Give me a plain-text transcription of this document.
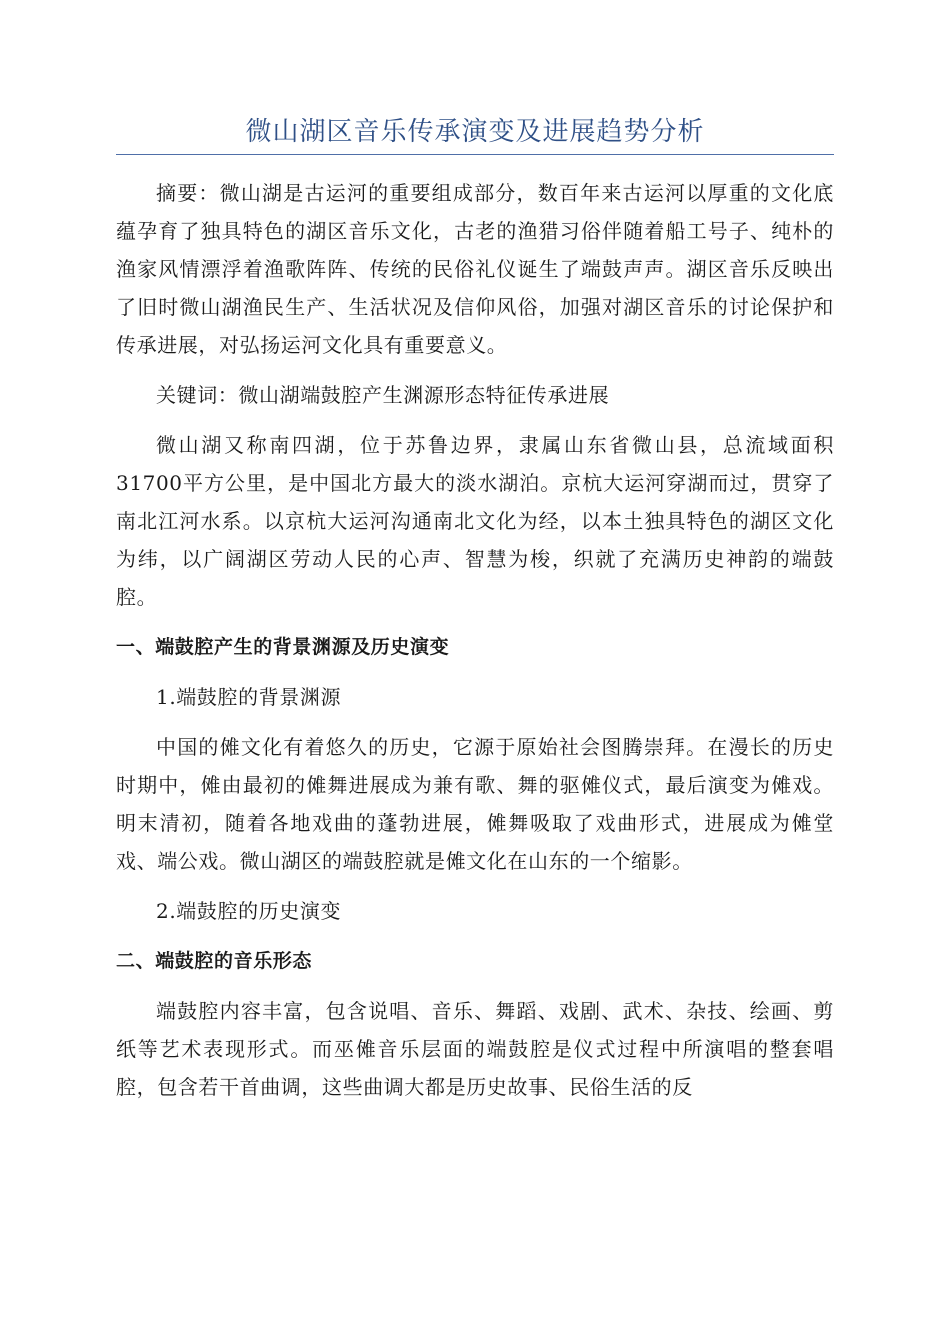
微山湖区音乐传承演变及进展趋势分析

摘要：微山湖是古运河的重要组成部分，数百年来古运河以厚重的文化底蕴孕育了独具特色的湖区音乐文化，古老的渔猎习俗伴随着船工号子、纯朴的渔家风情漂浮着渔歌阵阵、传统的民俗礼仪诞生了端鼓声声。湖区音乐反映出了旧时微山湖渔民生产、生活状况及信仰风俗，加强对湖区音乐的讨论保护和传承进展，对弘扬运河文化具有重要意义。

关键词：微山湖端鼓腔产生渊源形态特征传承进展

微山湖又称南四湖，位于苏鲁边界，隶属山东省微山县，总流域面积31700平方公里，是中国北方最大的淡水湖泊。京杭大运河穿湖而过，贯穿了南北江河水系。以京杭大运河沟通南北文化为经，以本土独具特色的湖区文化为纬，以广阔湖区劳动人民的心声、智慧为梭，织就了充满历史神韵的端鼓腔。

一、端鼓腔产生的背景渊源及历史演变

1.端鼓腔的背景渊源

中国的傩文化有着悠久的历史，它源于原始社会图腾崇拜。在漫长的历史时期中，傩由最初的傩舞进展成为兼有歌、舞的驱傩仪式，最后演变为傩戏。明末清初，随着各地戏曲的蓬勃进展，傩舞吸取了戏曲形式，进展成为傩堂戏、端公戏。微山湖区的端鼓腔就是傩文化在山东的一个缩影。

2.端鼓腔的历史演变

二、端鼓腔的音乐形态

端鼓腔内容丰富，包含说唱、音乐、舞蹈、戏剧、武术、杂技、绘画、剪纸等艺术表现形式。而巫傩音乐层面的端鼓腔是仪式过程中所演唱的整套唱腔，包含若干首曲调，这些曲调大都是历史故事、民俗生活的反
